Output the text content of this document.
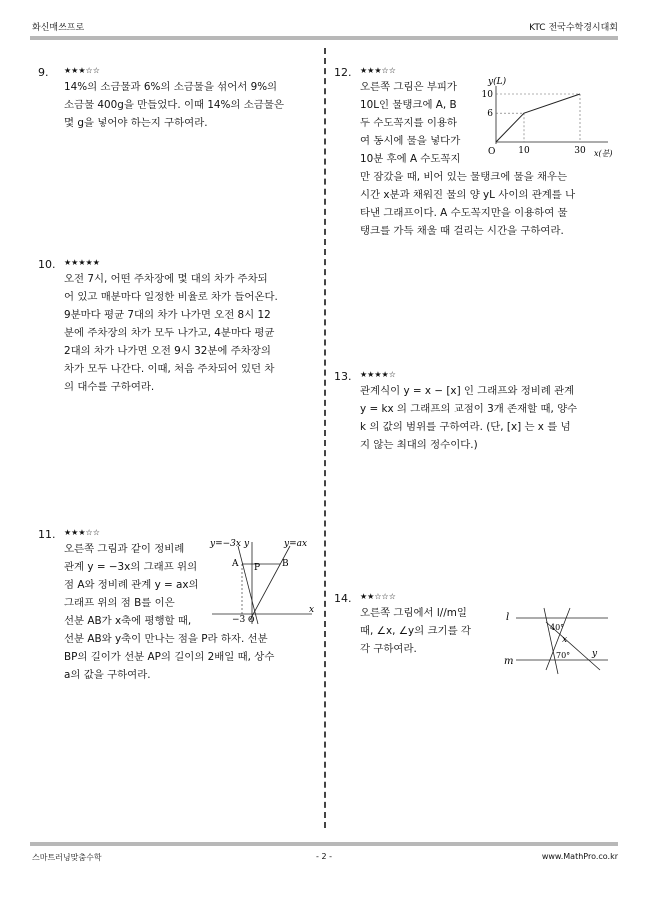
화신매쓰프로	KTC 전국수학경시대회
9. ★★★☆☆
14%의 소금물과 6%의 소금물을 섞어서 9%의
소금물 400g을 만들었다. 이때 14%의 소금물은
몇 g을 넣어야 하는지 구하여라.
10. ★★★★★
오전 7시, 어떤 주차장에 몇 대의 차가 주차되
어 있고 매분마다 일정한 비율로 차가 들어온다.
9분마다 평균 7대의 차가 나가면 오전 8시 12
분에 주차장의 차가 모두 나가고, 4분마다 평균
2대의 차가 나가면 오전 9시 32분에 주차장의
차가 모두 나간다. 이때, 처음 주차되어 있던 차
의 대수를 구하여라.
11. ★★★☆☆
오른쪽 그림과 같이 정비례
관계 y = −3x의 그래프 위의
점 A와 정비례 관계 y = ax의
그래프 위의 점 B를 이은
선분 AB가 x축에 평행할 때,
선분 AB와 y축이 만나는 점을 P라 하자. 선분
BP의 길이가 선분 AP의 길이의 2배일 때, 상수
a의 값을 구하여라.
y=−3x y	y=ax
A P B
x
−3 O
12. ★★★☆☆
오른쪽 그림은 부피가
10L인 물탱크에 A, B
두 수도꼭지를 이용하
여 동시에 물을 넣다가
10분 후에 A 수도꼭지
만 잠갔을 때, 비어 있는 물탱크에 물을 채우는
시간 x분과 채워진 물의 양 yL 사이의 관계를 나
타낸 그래프이다. A 수도꼭지만을 이용하여 물
탱크를 가득 채울 때 걸리는 시간을 구하여라.
y(L)
x(분)
O
10
6
10	30
13. ★★★★☆
관계식이 y = x − [x] 인 그래프와 정비례 관계
y = kx 의 그래프의 교점이 3개 존재할 때, 양수
k 의 값의 범위를 구하여라. (단, [x] 는 x 를 넘
지 않는 최대의 정수이다.)
14. ★★☆☆☆
오른쪽 그림에서 l//m일
때, ∠x, ∠y의 크기를 각
각 구하여라.
l
m
40°
x
70° y
스마트러닝맞춤수학	- 2 -	www.MathPro.co.kr
